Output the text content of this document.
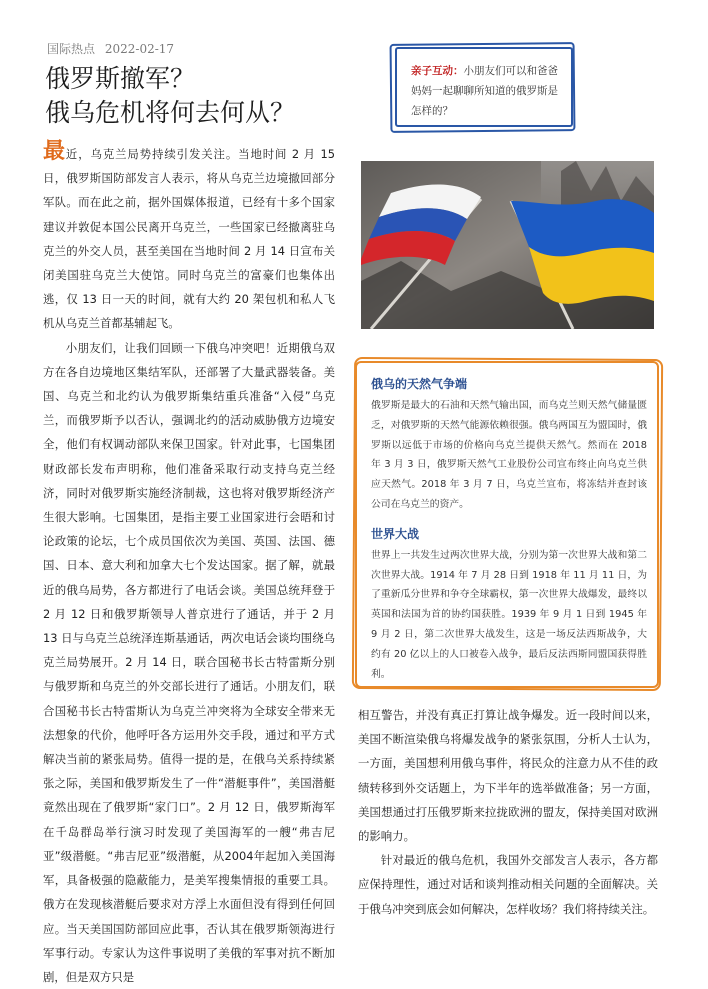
国际热点 2022-02-17
俄罗斯撤军？
俄乌危机将何去何从？

最近，乌克兰局势持续引发关注。当地时间 2 月 15 日，俄罗斯国防部发言人表示，将从乌克兰边境撤回部分军队。而在此之前，据外国媒体报道，已经有十多个国家建议并敦促本国公民离开乌克兰，一些国家已经撤离驻乌克兰的外交人员，甚至美国在当地时间 2 月 14 日宣布关闭美国驻乌克兰大使馆。同时乌克兰的富豪们也集体出逃，仅 13 日一天的时间，就有大约 20 架包机和私人飞机从乌克兰首都基辅起飞。

小朋友们，让我们回顾一下俄乌冲突吧！近期俄乌双方在各自边境地区集结军队，还部署了大量武器装备。美国、乌克兰和北约认为俄罗斯集结重兵准备“入侵”乌克兰，而俄罗斯予以否认，强调北约的活动威胁俄方边境安全，他们有权调动部队来保卫国家。针对此事，七国集团财政部长发布声明称，他们准备采取行动支持乌克兰经济，同时对俄罗斯实施经济制裁，这也将对俄罗斯经济产生很大影响。七国集团，是指主要工业国家进行会晤和讨论政策的论坛，七个成员国依次为美国、英国、法国、德国、日本、意大利和加拿大七个发达国家。据了解，就最近的俄乌局势，各方都进行了电话会谈。美国总统拜登于 2 月 12 日和俄罗斯领导人普京进行了通话，并于 2 月 13 日与乌克兰总统泽连斯基通话，两次电话会谈均围绕乌克兰局势展开。2 月 14 日，联合国秘书长古特雷斯分别与俄罗斯和乌克兰的外交部长进行了通话。小朋友们，联合国秘书长古特雷斯认为乌克兰冲突将为全球安全带来无法想象的代价，他呼吁各方运用外交手段，通过和平方式解决当前的紧张局势。值得一提的是，在俄乌关系持续紧张之际，美国和俄罗斯发生了一件“潜艇事件”，美国潜艇竟然出现在了俄罗斯“家门口”。2 月 12 日，俄罗斯海军在千岛群岛举行演习时发现了美国海军的一艘“弗吉尼亚”级潜艇。“弗吉尼亚”级潜艇，从2004年起加入美国海军，具备极强的隐蔽能力，是美军搜集情报的重要工具。俄方在发现核潜艇后要求对方浮上水面但没有得到任何回应。当天美国国防部回应此事，否认其在俄罗斯领海进行军事行动。专家认为这件事说明了美俄的军事对抗不断加剧，但是双方只是

亲子互动：小朋友们可以和爸爸妈妈一起聊聊所知道的俄罗斯是怎样的？
俄乌的天然气争端

俄罗斯是最大的石油和天然气输出国，而乌克兰则天然气储量匮乏，对俄罗斯的天然气能源依赖很强。俄乌两国互为盟国时，俄罗斯以远低于市场的价格向乌克兰提供天然气。然而在 2018 年 3 月 3 日，俄罗斯天然气工业股份公司宣布终止向乌克兰供应天然气。2018 年 3 月 7 日，乌克兰宣布，将冻结并查封该公司在乌克兰的资产。

世界大战

世界上一共发生过两次世界大战，分别为第一次世界大战和第二次世界大战。1914 年 7 月 28 日到 1918 年 11 月 11 日，为了重新瓜分世界和争夺全球霸权，第一次世界大战爆发，最终以英国和法国为首的协约国获胜。1939 年 9 月 1 日到 1945 年 9 月 2 日，第二次世界大战发生，这是一场反法西斯战争，大约有 20 亿以上的人口被卷入战争，最后反法西斯同盟国获得胜利。

相互警告，并没有真正打算让战争爆发。近一段时间以来，美国不断渲染俄乌将爆发战争的紧张氛围，分析人士认为，一方面，美国想利用俄乌事件，将民众的注意力从不佳的政绩转移到外交话题上，为下半年的选举做准备；另一方面，美国想通过打压俄罗斯来拉拢欧洲的盟友，保持美国对欧洲的影响力。

针对最近的俄乌危机，我国外交部发言人表示，各方都应保持理性，通过对话和谈判推动相关问题的全面解决。关于俄乌冲突到底会如何解决，怎样收场？我们将持续关注。
